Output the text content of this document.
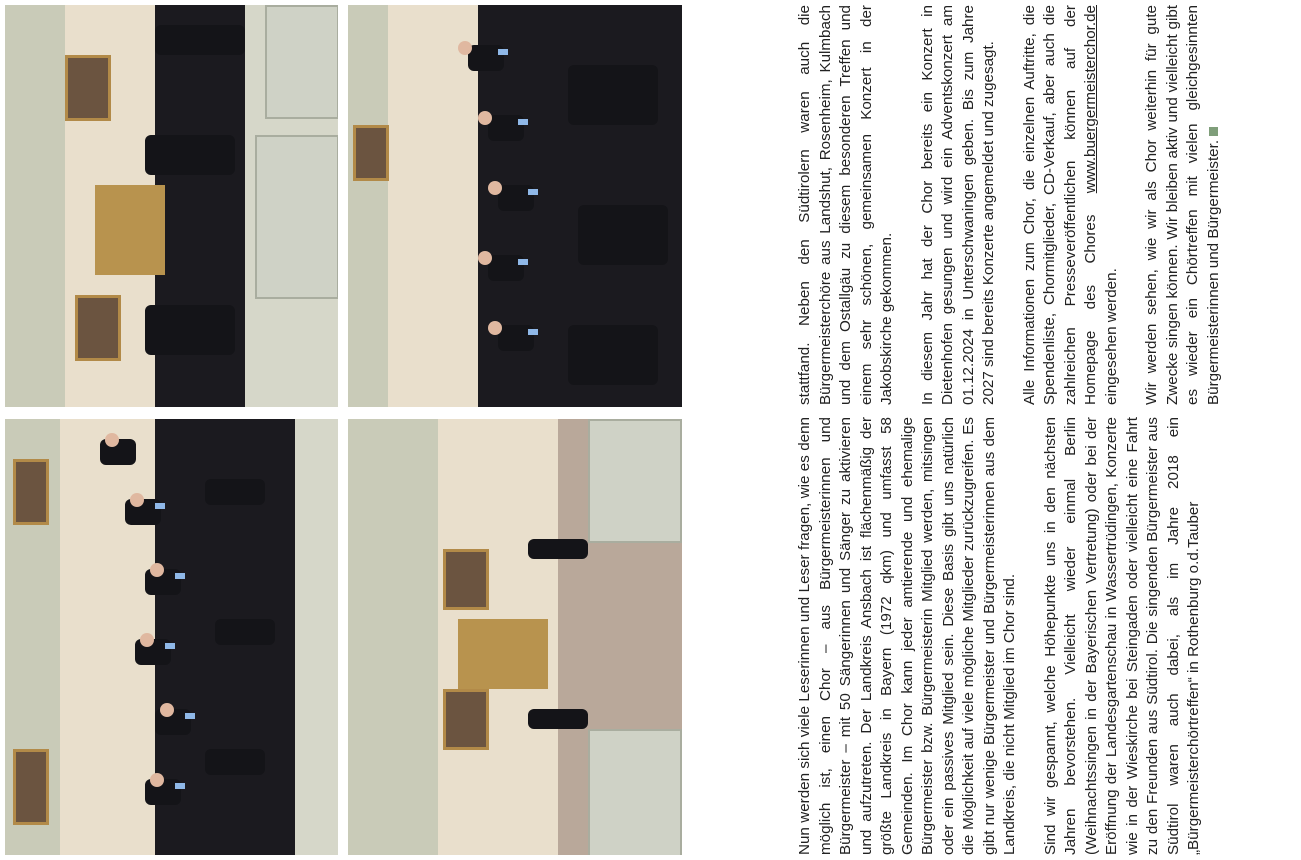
Nun werden sich viele Leserinnen und Leser fragen, wie es denn möglich ist, einen Chor – aus Bürgermeisterinnen und Bürgermeister – mit 50 Sängerinnen und Sänger zu aktivieren und aufzutreten. Der Landkreis Ansbach ist flächenmäßig der größte Landkreis in Bayern (1972 qkm) und umfasst 58 Gemeinden. Im Chor kann jeder amtierende und ehemalige Bürgermeister bzw. Bürgermeisterin Mitglied werden, mitsingen oder ein passives Mitglied sein. Diese Basis gibt uns natürlich die Möglichkeit auf viele mögliche Mitglieder zurückzugreifen. Es gibt nur wenige Bürgermeister und Bürgermeisterinnen aus dem Landkreis, die nicht Mitglied im Chor sind. Sind wir gespannt, welche Höhepunkte uns in den nächsten Jahren bevorstehen. Vielleicht wieder einmal Berlin (Weihnachtssingen in der Bayerischen Vertretung) oder bei der Eröffnung der Landesgartenschau in Wassertrüdingen, Konzerte wie in der Wieskirche bei Steingaden oder vielleicht eine Fahrt zu den Freunden aus Südtirol. Die singenden Bürgermeister aus Südtirol waren auch dabei, als im Jahre 2018 ein „Bürgermeisterchörtreffen“ in Rothenburg o.d.Tauber

stattfand. Neben den Südtirolern waren auch die Bürgermeisterchöre aus Landshut, Rosenheim, Kulmbach und dem Ostallgäu zu diesem besonderen Treffen und einem sehr schönen, gemeinsamen Konzert in der Jakobskirche gekommen. In diesem Jahr hat der Chor bereits ein Konzert in Dietenhofen gesungen und wird ein Adventskonzert am 01.12.2024 in Unterschwaningen geben. Bis zum Jahre 2027 sind bereits Konzerte angemeldet und zugesagt. Alle Informationen zum Chor, die einzelnen Auftritte, die Spendenliste, Chormitglieder, CD-Verkauf, aber auch die zahlreichen Presseveröffentlichen können auf der Homepage des Chores www.buergermeisterchor.de eingesehen werden. Wir werden sehen, wie wir als Chor weiterhin für gute Zwecke singen können. Wir bleiben aktiv und vielleicht gibt es wieder ein Chörtreffen mit vielen gleichgesinnten Bürgermeisterinnen und Bürgermeister.
